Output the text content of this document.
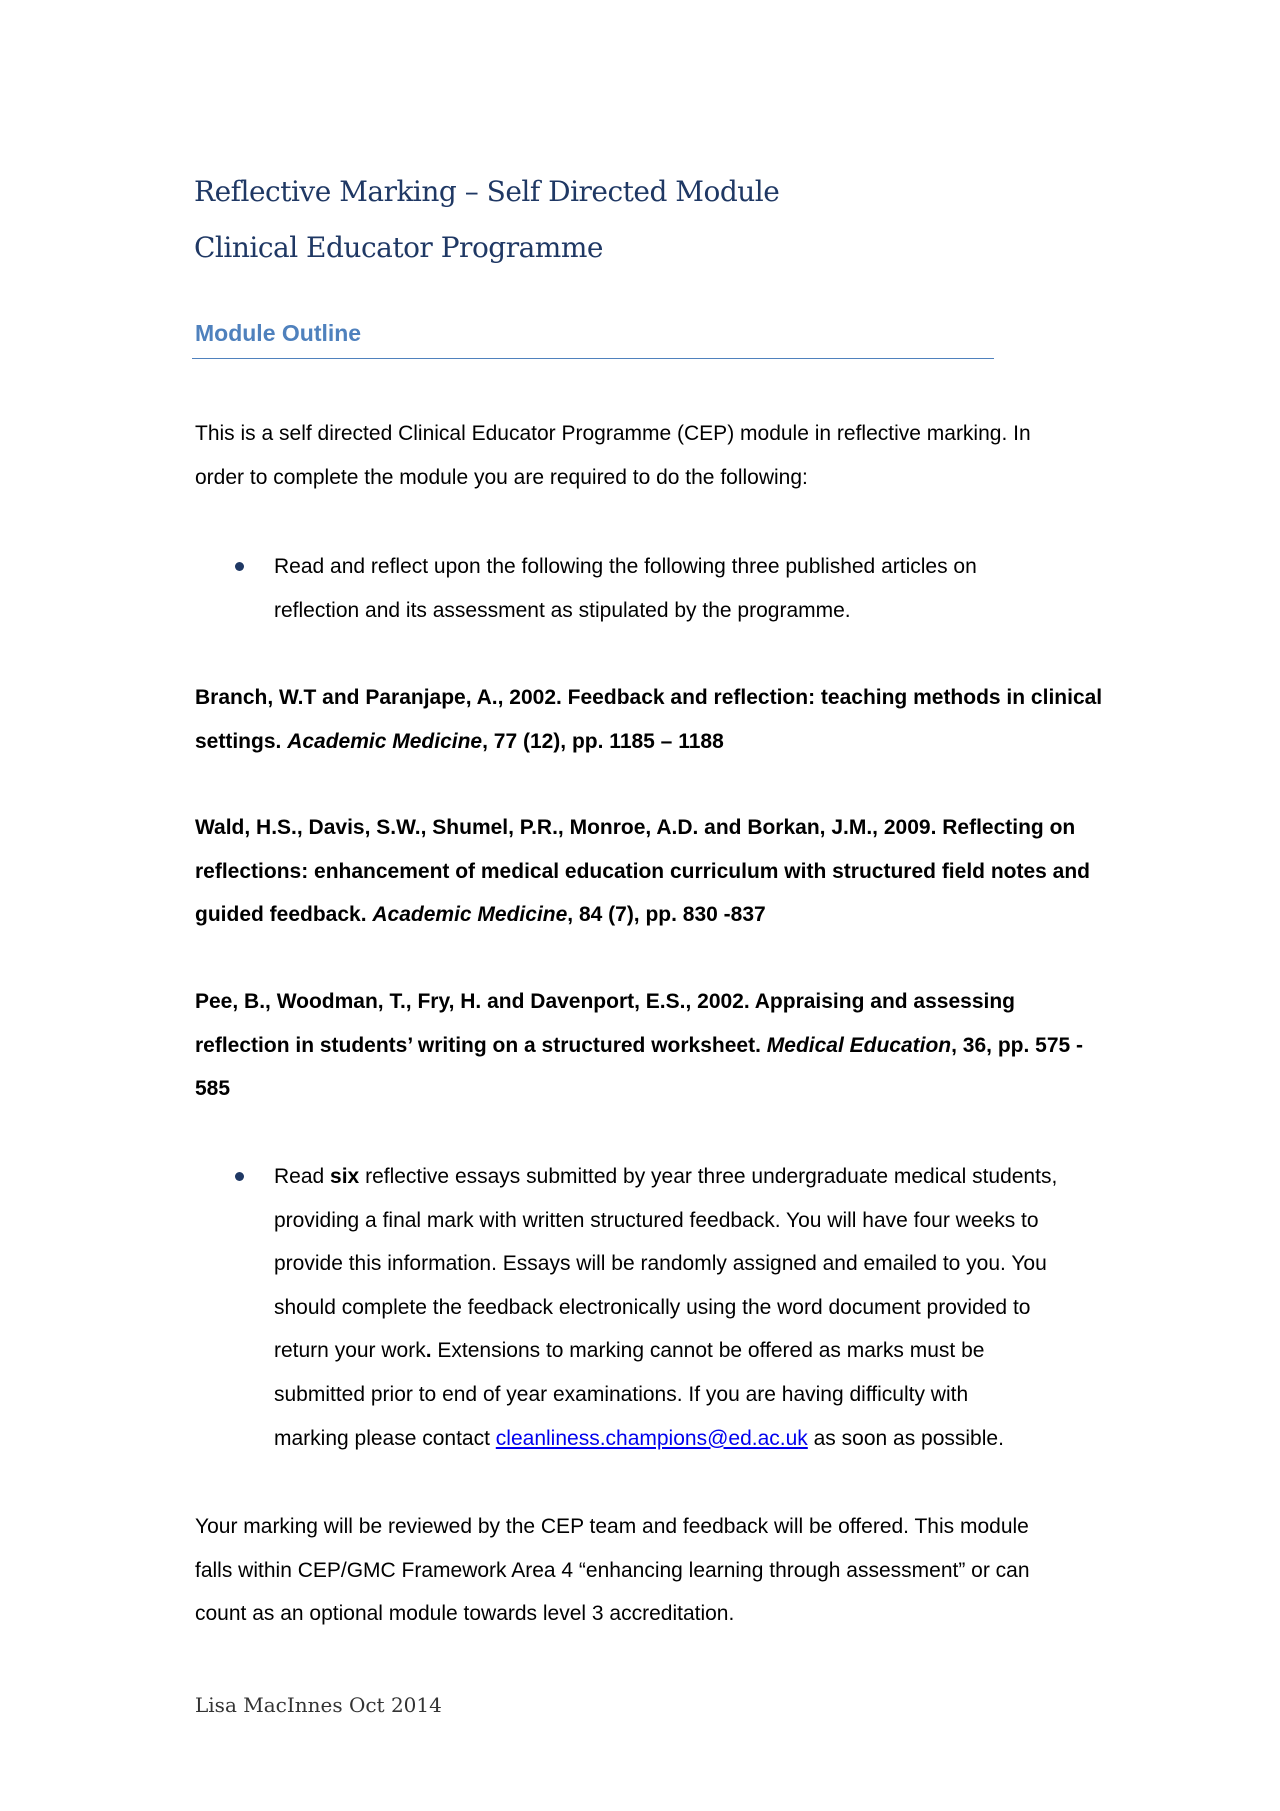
Reflective Marking – Self Directed Module
Clinical Educator Programme
Module Outline
This is a self directed Clinical Educator Programme (CEP) module in reflective marking. In
order to complete the module you are required to do the following:
Read and reflect upon the following the following three published articles on
reflection and its assessment as stipulated by the programme.
Branch, W.T and Paranjape, A., 2002. Feedback and reflection: teaching methods in clinical
settings. Academic Medicine, 77 (12), pp. 1185 – 1188
Wald, H.S., Davis, S.W., Shumel, P.R., Monroe, A.D. and Borkan, J.M., 2009. Reflecting on
reflections: enhancement of medical education curriculum with structured field notes and
guided feedback. Academic Medicine, 84 (7), pp. 830 -837
Pee, B., Woodman, T., Fry, H. and Davenport, E.S., 2002. Appraising and assessing
reflection in students’ writing on a structured worksheet. Medical Education, 36, pp. 575 -
585
Read six reflective essays submitted by year three undergraduate medical students,
providing a final mark with written structured feedback. You will have four weeks to
provide this information. Essays will be randomly assigned and emailed to you. You
should complete the feedback electronically using the word document provided to
return your work. Extensions to marking cannot be offered as marks must be
submitted prior to end of year examinations. If you are having difficulty with
marking please contact cleanliness.champions@ed.ac.uk as soon as possible.
Your marking will be reviewed by the CEP team and feedback will be offered. This module
falls within CEP/GMC Framework Area 4 “enhancing learning through assessment” or can
count as an optional module towards level 3 accreditation.
Lisa MacInnes Oct 2014
